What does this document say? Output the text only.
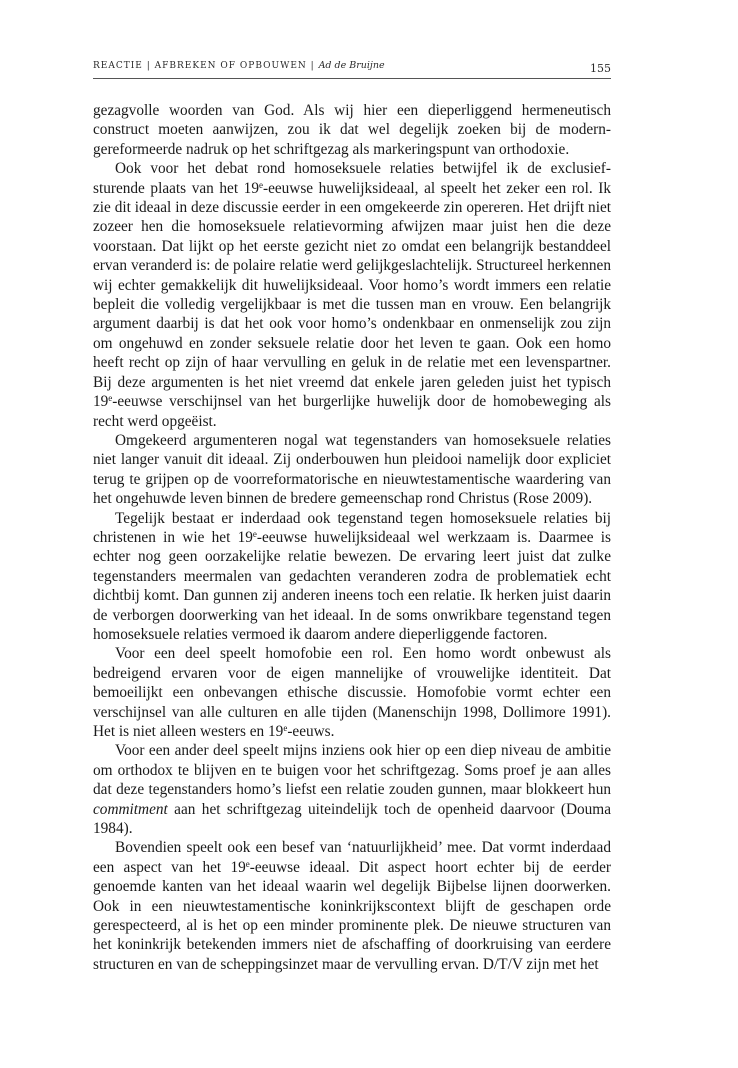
REACTIE | AFBREKEN OF OPBOUWEN | Ad de Bruijne	155

gezagvolle woorden van God. Als wij hier een dieperliggend hermeneutisch construct moeten aanwijzen, zou ik dat wel degelijk zoeken bij de modern-gereformeerde nadruk op het schriftgezag als markeringspunt van orthodoxie.

Ook voor het debat rond homoseksuele relaties betwijfel ik de exclusief-sturende plaats van het 19e-eeuwse huwelijksideaal, al speelt het zeker een rol. Ik zie dit ideaal in deze discussie eerder in een omgekeerde zin opereren. Het drijft niet zozeer hen die homoseksuele relatievorming afwijzen maar juist hen die deze voorstaan. Dat lijkt op het eerste gezicht niet zo omdat een belangrijk bestanddeel ervan veranderd is: de polaire relatie werd gelijkgeslachtelijk. Structureel herkennen wij echter gemakkelijk dit huwelijksideaal. Voor homo’s wordt immers een relatie bepleit die volledig vergelijkbaar is met die tussen man en vrouw. Een belangrijk argument daarbij is dat het ook voor homo’s ondenkbaar en onmenselijk zou zijn om ongehuwd en zonder seksuele relatie door het leven te gaan. Ook een homo heeft recht op zijn of haar vervulling en geluk in de relatie met een levenspartner. Bij deze argumenten is het niet vreemd dat enkele jaren geleden juist het typisch 19e-eeuwse verschijnsel van het burgerlijke huwelijk door de homobeweging als recht werd opgeëist.

Omgekeerd argumenteren nogal wat tegenstanders van homoseksuele relaties niet langer vanuit dit ideaal. Zij onderbouwen hun pleidooi namelijk door expliciet terug te grijpen op de voorreformatorische en nieuwtestamentische waardering van het ongehuwde leven binnen de bredere gemeenschap rond Christus (Rose 2009).

Tegelijk bestaat er inderdaad ook tegenstand tegen homoseksuele relaties bij christenen in wie het 19e-eeuwse huwelijksideaal wel werkzaam is. Daarmee is echter nog geen oorzakelijke relatie bewezen. De ervaring leert juist dat zulke tegenstanders meermalen van gedachten veranderen zodra de problematiek echt dichtbij komt. Dan gunnen zij anderen ineens toch een relatie. Ik herken juist daarin de verborgen doorwerking van het ideaal. In de soms onwrikbare tegenstand tegen homoseksuele relaties vermoed ik daarom andere dieperliggende factoren.

Voor een deel speelt homofobie een rol. Een homo wordt onbewust als bedreigend ervaren voor de eigen mannelijke of vrouwelijke identiteit. Dat bemoeilijkt een onbevangen ethische discussie. Homofobie vormt echter een verschijnsel van alle culturen en alle tijden (Manenschijn 1998, Dollimore 1991). Het is niet alleen westers en 19e-eeuws.

Voor een ander deel speelt mijns inziens ook hier op een diep niveau de ambitie om orthodox te blijven en te buigen voor het schriftgezag. Soms proef je aan alles dat deze tegenstanders homo’s liefst een relatie zouden gunnen, maar blokkeert hun commitment aan het schriftgezag uiteindelijk toch de openheid daarvoor (Douma 1984).

Bovendien speelt ook een besef van ‘natuurlijkheid’ mee. Dat vormt inderdaad een aspect van het 19e-eeuwse ideaal. Dit aspect hoort echter bij de eerder genoemde kanten van het ideaal waarin wel degelijk Bijbelse lijnen doorwerken. Ook in een nieuwtestamentische koninkrijkscontext blijft de geschapen orde gerespecteerd, al is het op een minder prominente plek. De nieuwe structuren van het koninkrijk betekenden immers niet de afschaffing of doorkruising van eerdere structuren en van de scheppingsinzet maar de vervulling ervan. D/T/V zijn met het
